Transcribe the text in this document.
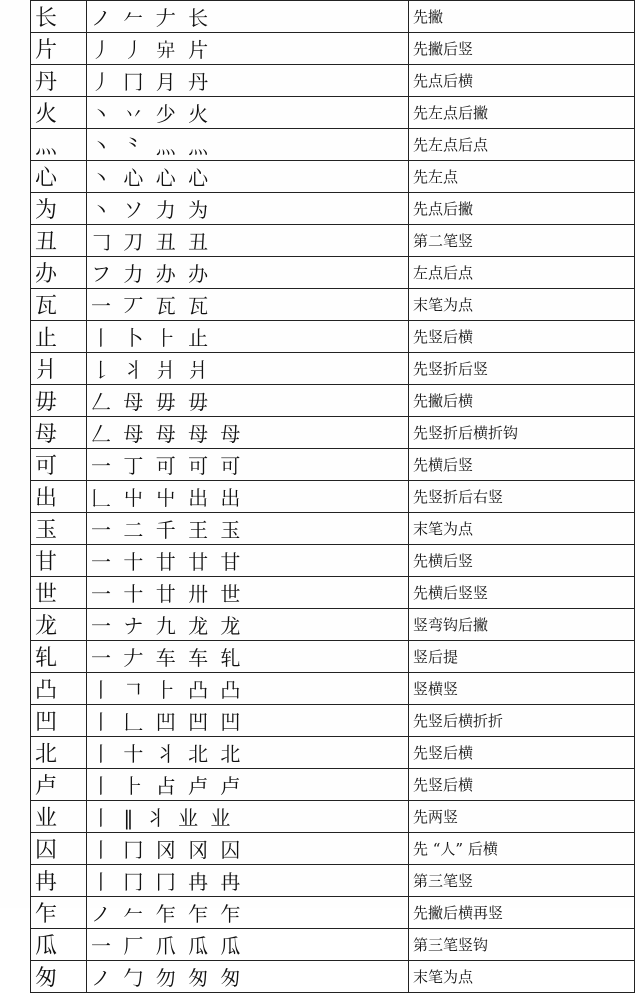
长	ノ 𠂉 𠂇 长	先撇
片	丿 丿 𠂂 片	先撇后竖
丹	丿 冂 月 丹	先点后横
火	丶 丷 少 火	先左点后撇
灬	丶 ⺀ 灬 灬	先左点后点
心	丶 心 心 心	先左点
为	丶 ソ 力 为	先点后撇
丑	𠃌 刀 丑 丑	第二笔竖
办	フ 力 办 办	左点后点
瓦	一 丆 瓦 瓦	末笔为点
止	丨 卜 ⺊ 止	先竖后横
爿	𠄌 丬 爿 爿	先竖折后竖
毋	𠃋 母 毋 毋	先撇后横
母	𠃋 母 母 母 母	先竖折后横折钩
可	一 丁 可 可 可	先横后竖
出	𠃊 屮 屮 出 出	先竖折后右竖
玉	一 二 千 王 玉	末笔为点
甘	一 十 廿 廿 甘	先横后竖
世	一 十 廿 卅 世	先横后竖竖
龙	一 ナ 九 龙 龙	竖弯钩后撇
轧	一 𠂇 车 车 轧	竖后提
凸	丨 𠃍 ⺊ 凸 凸	竖横竖
凹	丨 𠃊 凹 凹 凹	先竖后横折折
北	丨 十 丬 北 北	先竖后横
卢	丨 ⺊ 占 卢 卢	先竖后横
业	丨 ‖ 丬 业 业	先两竖
囚	丨 冂 冈 冈 囚	先 “人” 后横
冉	丨 冂 冂 冉 冉	第三笔竖
乍	ノ 𠂉 乍 乍 乍	先撇后横再竖
瓜	一 厂 爪 瓜 瓜	第三笔竖钩
匆	ノ 勹 勿 匆 匆	末笔为点
